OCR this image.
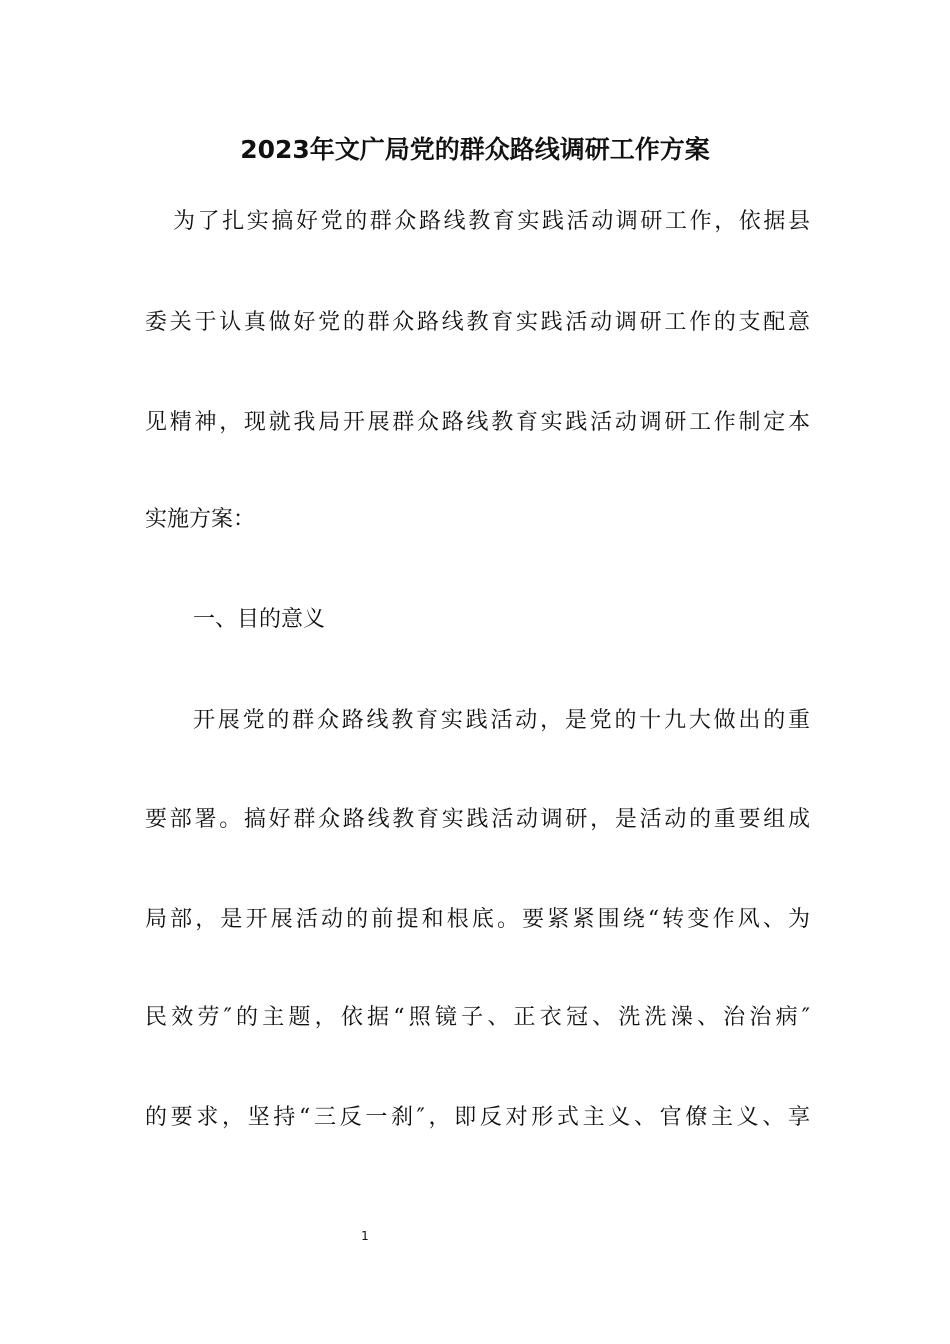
2023年文广局党的群众路线调研工作方案
为了扎实搞好党的群众路线教育实践活动调研工作，依据县
委关于认真做好党的群众路线教育实践活动调研工作的支配意
见精神，现就我局开展群众路线教育实践活动调研工作制定本
实施方案：
一、目的意义
开展党的群众路线教育实践活动，是党的十九大做出的重
要部署。搞好群众路线教育实践活动调研，是活动的重要组成
局部，是开展活动的前提和根底。要紧紧围绕“转变作风、为
民效劳″的主题，依据“照镜子、正衣冠、洗洗澡、治治病″
的要求，坚持“三反一刹″，即反对形式主义、官僚主义、享
1
